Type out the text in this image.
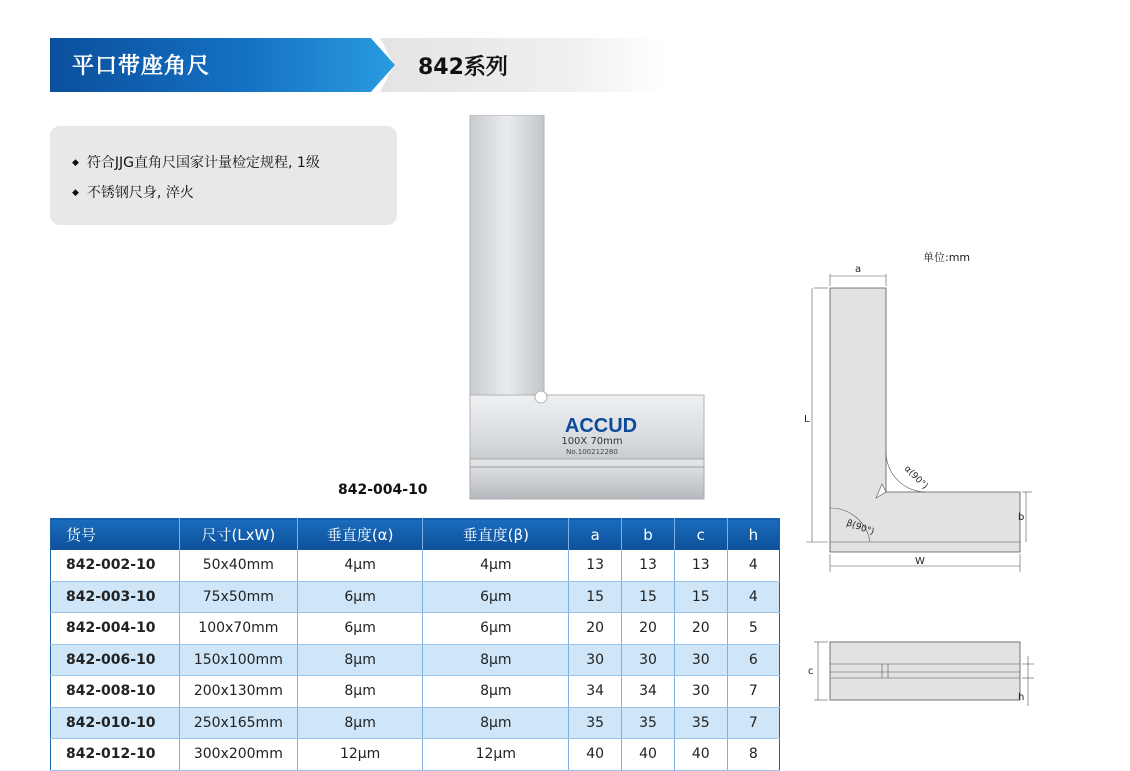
平口带座角尺	842系列
◆ 符合JJG直角尺国家计量检定规程, 1级
◆ 不锈钢尺身, 淬火
ACCUD
100X 70mm
No.100212280
842-004-10
单位:mm
a
L
b
W
α(90°)
β(90°)
c
h
货号	尺寸(LxW)	垂直度(α)	垂直度(β)	a	b	c	h
842-002-10	50x40mm	4μm	4μm	13	13	13	4
842-003-10	75x50mm	6μm	6μm	15	15	15	4
842-004-10	100x70mm	6μm	6μm	20	20	20	5
842-006-10	150x100mm	8μm	8μm	30	30	30	6
842-008-10	200x130mm	8μm	8μm	34	34	30	7
842-010-10	250x165mm	8μm	8μm	35	35	35	7
842-012-10	300x200mm	12μm	12μm	40	40	40	8
